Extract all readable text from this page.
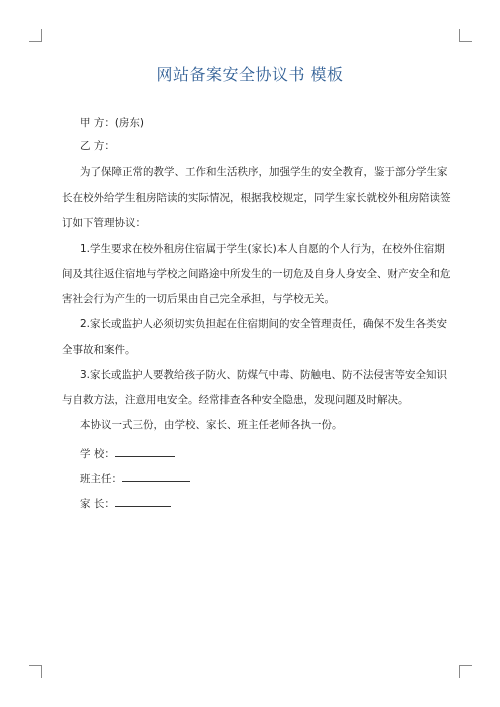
网站备案安全协议书 模板
甲 方：(房东)
乙 方：
为了保障正常的教学、工作和生活秩序，加强学生的安全教育，鉴于部分学生家
长在校外给学生租房陪读的实际情况，根据我校规定，同学生家长就校外租房陪读签
订如下管理协议：
1.学生要求在校外租房住宿属于学生(家长)本人自愿的个人行为，在校外住宿期
间及其往返住宿地与学校之间路途中所发生的一切危及自身人身安全、财产安全和危
害社会行为产生的一切后果由自己完全承担，与学校无关。
2.家长或监护人必须切实负担起在住宿期间的安全管理责任，确保不发生各类安
全事故和案件。
3.家长或监护人要教给孩子防火、防煤气中毒、防触电、防不法侵害等安全知识
与自救方法，注意用电安全。经常排查各种安全隐患，发现问题及时解决。
本协议一式三份，由学校、家长、班主任老师各执一份。
学 校：
班主任：
家 长：
